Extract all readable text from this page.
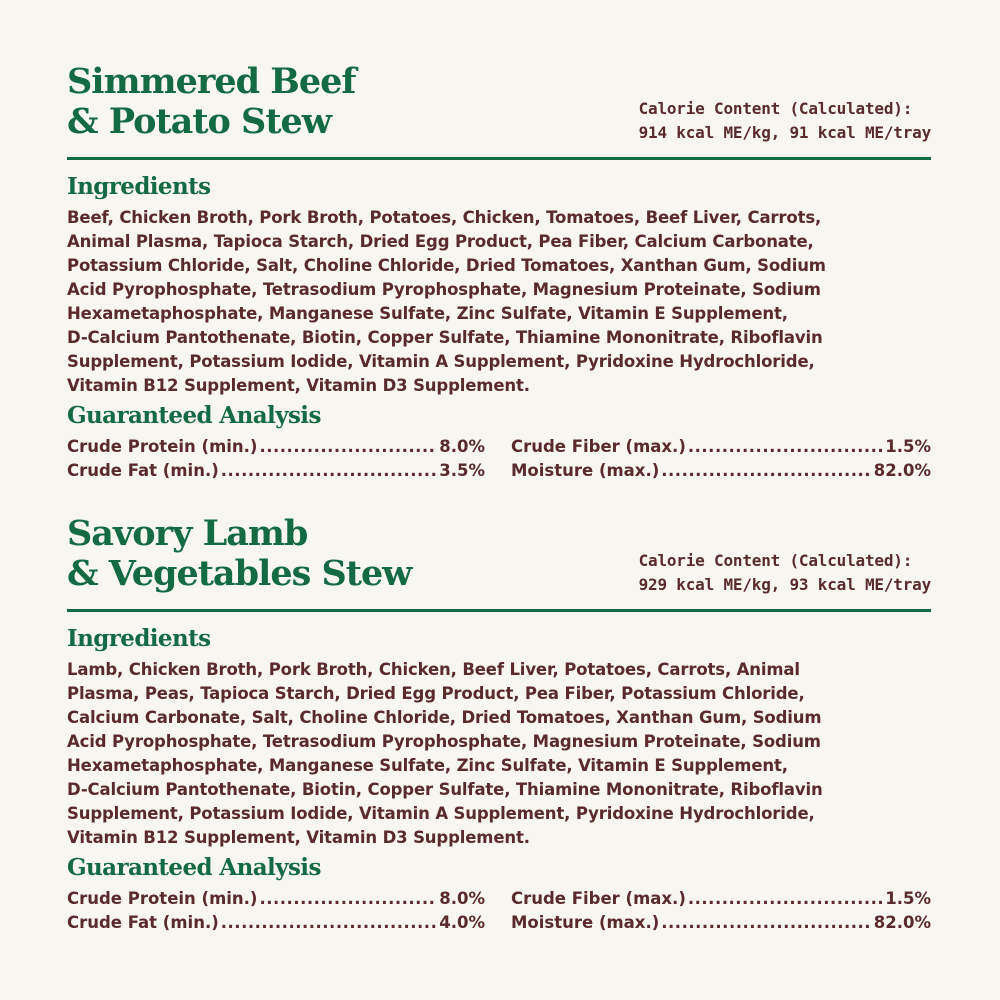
Simmered Beef
& Potato Stew	Calorie Content (Calculated):
914 kcal ME/kg, 91 kcal ME/tray
Ingredients
Beef, Chicken Broth, Pork Broth, Potatoes, Chicken, Tomatoes, Beef Liver, Carrots,
Animal Plasma, Tapioca Starch, Dried Egg Product, Pea Fiber, Calcium Carbonate,
Potassium Chloride, Salt, Choline Chloride, Dried Tomatoes, Xanthan Gum, Sodium
Acid Pyrophosphate, Tetrasodium Pyrophosphate, Magnesium Proteinate, Sodium
Hexametaphosphate, Manganese Sulfate, Zinc Sulfate, Vitamin E Supplement,
D-Calcium Pantothenate, Biotin, Copper Sulfate, Thiamine Mononitrate, Riboflavin
Supplement, Potassium Iodide, Vitamin A Supplement, Pyridoxine Hydrochloride,
Vitamin B12 Supplement, Vitamin D3 Supplement.
Guaranteed Analysis
Crude Protein (min.) .....	8.0%
Crude Fat (min.) .....	3.5%
Crude Fiber (max.) .....	1.5%
Moisture (max.) .....	82.0%
Savory Lamb
& Vegetables Stew	Calorie Content (Calculated):
929 kcal ME/kg, 93 kcal ME/tray
Ingredients
Lamb, Chicken Broth, Pork Broth, Chicken, Beef Liver, Potatoes, Carrots, Animal
Plasma, Peas, Tapioca Starch, Dried Egg Product, Pea Fiber, Potassium Chloride,
Calcium Carbonate, Salt, Choline Chloride, Dried Tomatoes, Xanthan Gum, Sodium
Acid Pyrophosphate, Tetrasodium Pyrophosphate, Magnesium Proteinate, Sodium
Hexametaphosphate, Manganese Sulfate, Zinc Sulfate, Vitamin E Supplement,
D-Calcium Pantothenate, Biotin, Copper Sulfate, Thiamine Mononitrate, Riboflavin
Supplement, Potassium Iodide, Vitamin A Supplement, Pyridoxine Hydrochloride,
Vitamin B12 Supplement, Vitamin D3 Supplement.
Guaranteed Analysis
Crude Protein (min.) .....	8.0%
Crude Fat (min.) .....	4.0%
Crude Fiber (max.) .....	1.5%
Moisture (max.) .....	82.0%
